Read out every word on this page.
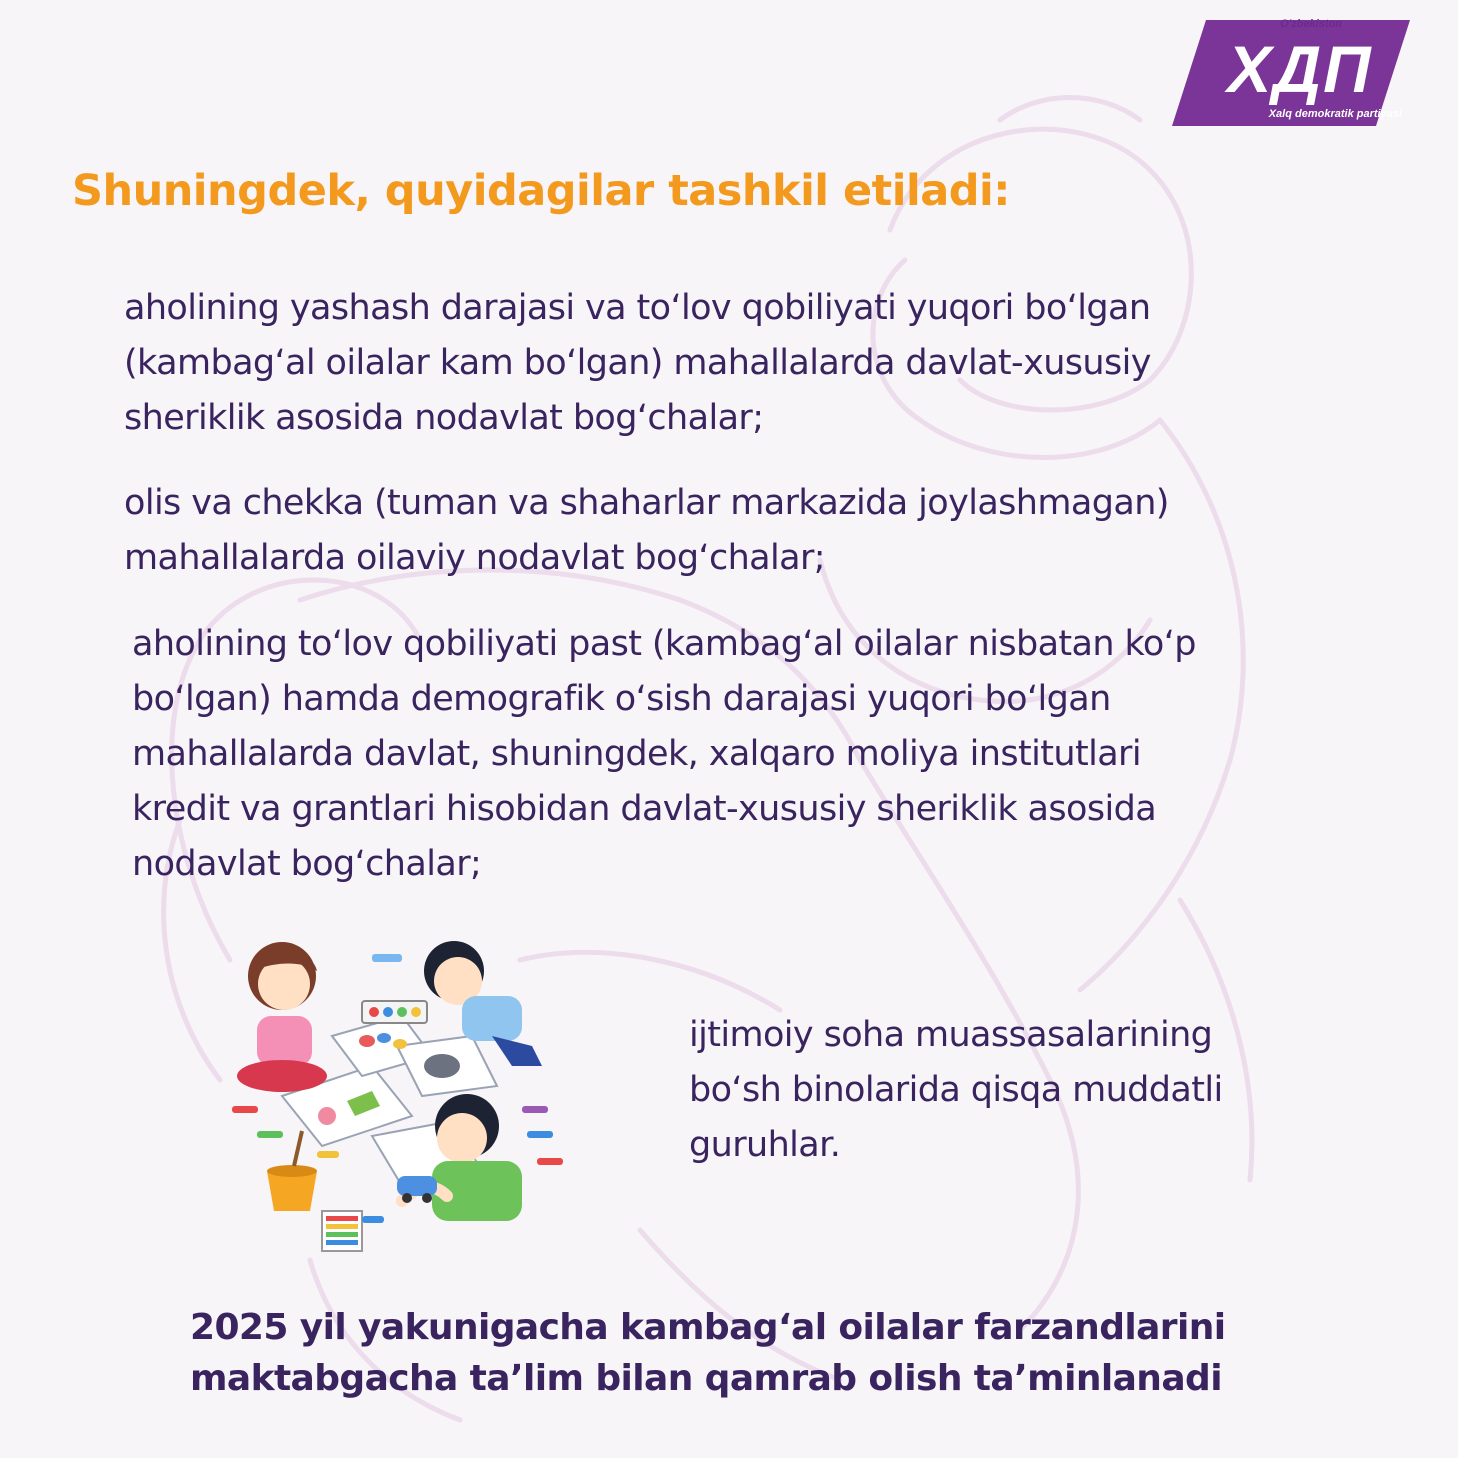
O'zbekiston
ХДП
Xalq demokratik partiyasi
Shuningdek, quyidagilar tashkil etiladi:
aholining yashash darajasi va to‘lov qobiliyati yuqori bo‘lgan
(kambag‘al oilalar kam bo‘lgan) mahallalarda davlat-xususiy
sheriklik asosida nodavlat bog‘chalar;
olis va chekka (tuman va shaharlar markazida joylashmagan)
mahallalarda oilaviy nodavlat bog‘chalar;
aholining to‘lov qobiliyati past (kambag‘al oilalar nisbatan ko‘p
bo‘lgan) hamda demografik o‘sish darajasi yuqori bo‘lgan
mahallalarda davlat, shuningdek, xalqaro moliya institutlari
kredit va grantlari hisobidan davlat-xususiy sheriklik asosida
nodavlat bog‘chalar;
ijtimoiy soha muassasalarining
bo‘sh binolarida qisqa muddatli
guruhlar.
2025 yil yakunigacha kambag‘al oilalar farzandlarini
maktabgacha ta’lim bilan qamrab olish ta’minlanadi
